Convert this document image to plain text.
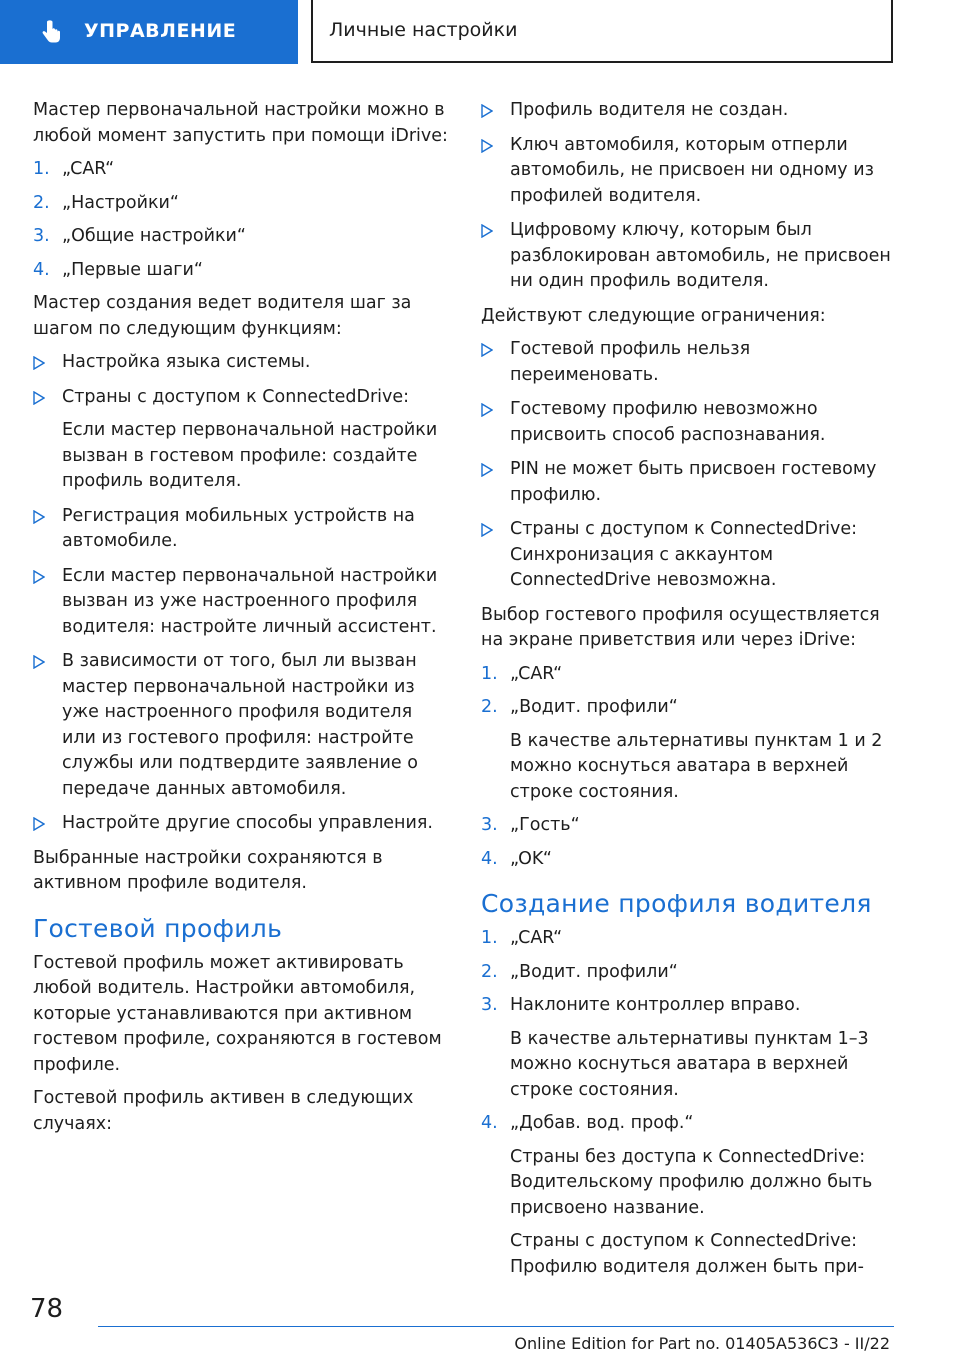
УПРАВЛЕНИЕ	Личные настройки

Мастер первоначальной настройки можно в любой момент запустить при помощи iDrive:

1. „CAR“
2. „Настройки“
3. „Общие настройки“
4. „Первые шаги“

Мастер создания ведет водителя шаг за шагом по следующим функциям:

Настройка языка системы.
Страны с доступом к ConnectedDrive:
Если мастер первоначальной настройки вызван в гостевом профиле: создайте профиль водителя.
Регистрация мобильных устройств на автомобиле.
Если мастер первоначальной настройки вызван из уже настроенного профиля водителя: настройте личный ассистент.
В зависимости от того, был ли вызван мастер первоначальной настройки из уже настроенного профиля водителя или из гостевого профиля: настройте службы или подтвердите заявление о передаче данных автомобиля.
Настройте другие способы управления.

Выбранные настройки сохраняются в активном профиле водителя.

Гостевой профиль

Гостевой профиль может активировать любой водитель. Настройки автомобиля, которые устанавливаются при активном гостевом профиле, сохраняются в гостевом профиле.

Гостевой профиль активен в следующих случаях:

Профиль водителя не создан.
Ключ автомобиля, которым отперли автомобиль, не присвоен ни одному из профилей водителя.
Цифровому ключу, которым был разблокирован автомобиль, не присвоен ни один профиль водителя.

Действуют следующие ограничения:

Гостевой профиль нельзя переименовать.
Гостевому профилю невозможно присвоить способ распознавания.
PIN не может быть присвоен гостевому профилю.
Страны с доступом к ConnectedDrive: Синхронизация с аккаунтом ConnectedDrive невозможна.

Выбор гостевого профиля осуществляется на экране приветствия или через iDrive:

1. „CAR“
2. „Водит. профили“
В качестве альтернативы пунктам 1 и 2 можно коснуться аватара в верхней строке состояния.
3. „Гость“
4. „OK“
Создание профиля водителя
1. „CAR“
2. „Водит. профили“
3. Наклоните контроллер вправо.
В качестве альтернативы пунктам 1–3 можно коснуться аватара в верхней строке состояния.
4. „Добав. вод. проф.“
Страны без доступа к ConnectedDrive: Водительскому профилю должно быть присвоено название.
Страны с доступом к ConnectedDrive: Профилю водителя должен быть при-
78
Online Edition for Part no. 01405A536C3 - II/22
